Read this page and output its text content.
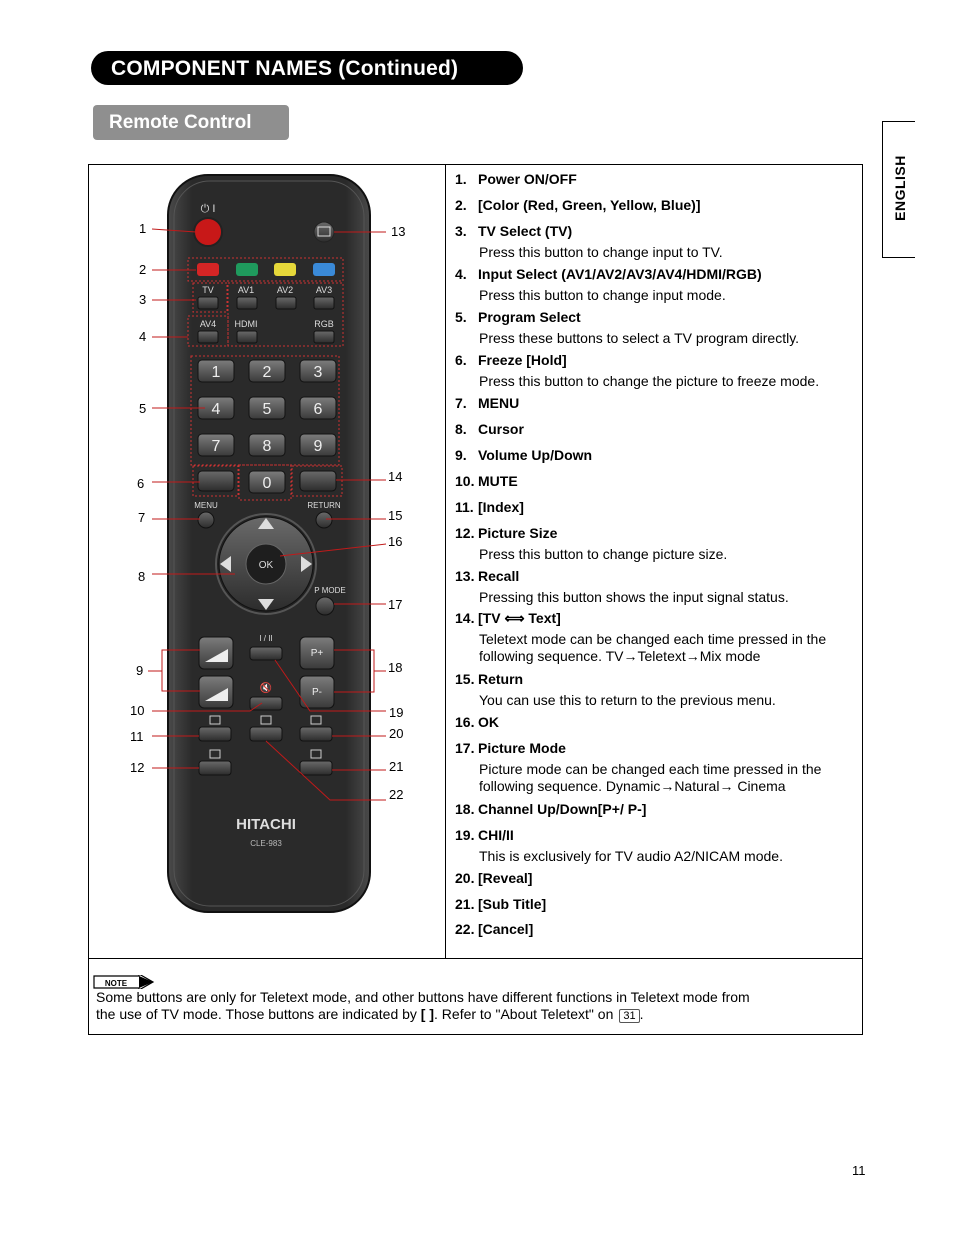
COMPONENT NAMES (Continued)
Remote Control
ENGLISH
⏻ I
TV	AV1	AV2	AV3
AV4 HDMI	RGB
1	2	3
4	5	6
7	8	9
0
MENU	RETURN
P MODE
I / II
OK
P+
P-
🔇
HITACHI
CLE-983
1
2
3
4
5
6
7
8
9
10
11
12
13
14
15
16
17
18
19
20
21
22
1. Power ON/OFF
2. [Color (Red, Green, Yellow, Blue)]
3. TV Select (TV)
Press this button to change input to TV.
4. Input Select (AV1/AV2/AV3/AV4/HDMI/RGB)
Press this button to change input mode.
5. Program Select
Press these buttons to select a TV program directly.
6. Freeze [Hold]
Press this button to change the picture to freeze mode.
7. MENU
8. Cursor
9. Volume Up/Down
10. MUTE
11. [Index]
12. Picture Size
Press this button to change picture size.
13. Recall
Pressing this button shows the input signal status.
14. [TV ⟺ Text]
Teletext mode can be changed each time pressed in the following sequence. TV→Teletext→Mix mode
15. Return
You can use this to return to the previous menu.
16. OK
17. Picture Mode
Picture mode can be changed each time pressed in the following sequence. Dynamic→Natural→ Cinema
18. Channel Up/Down[P+/ P-]
19. CHI/II
This is exclusively for TV audio A2/NICAM mode.
20. [Reveal]
21. [Sub Title]
22. [Cancel]
NOTE
Some buttons are only for Teletext mode, and other buttons have different functions in Teletext mode from
the use of TV mode. Those buttons are indicated by [ ]. Refer to "About Teletext" on 31 .
11
